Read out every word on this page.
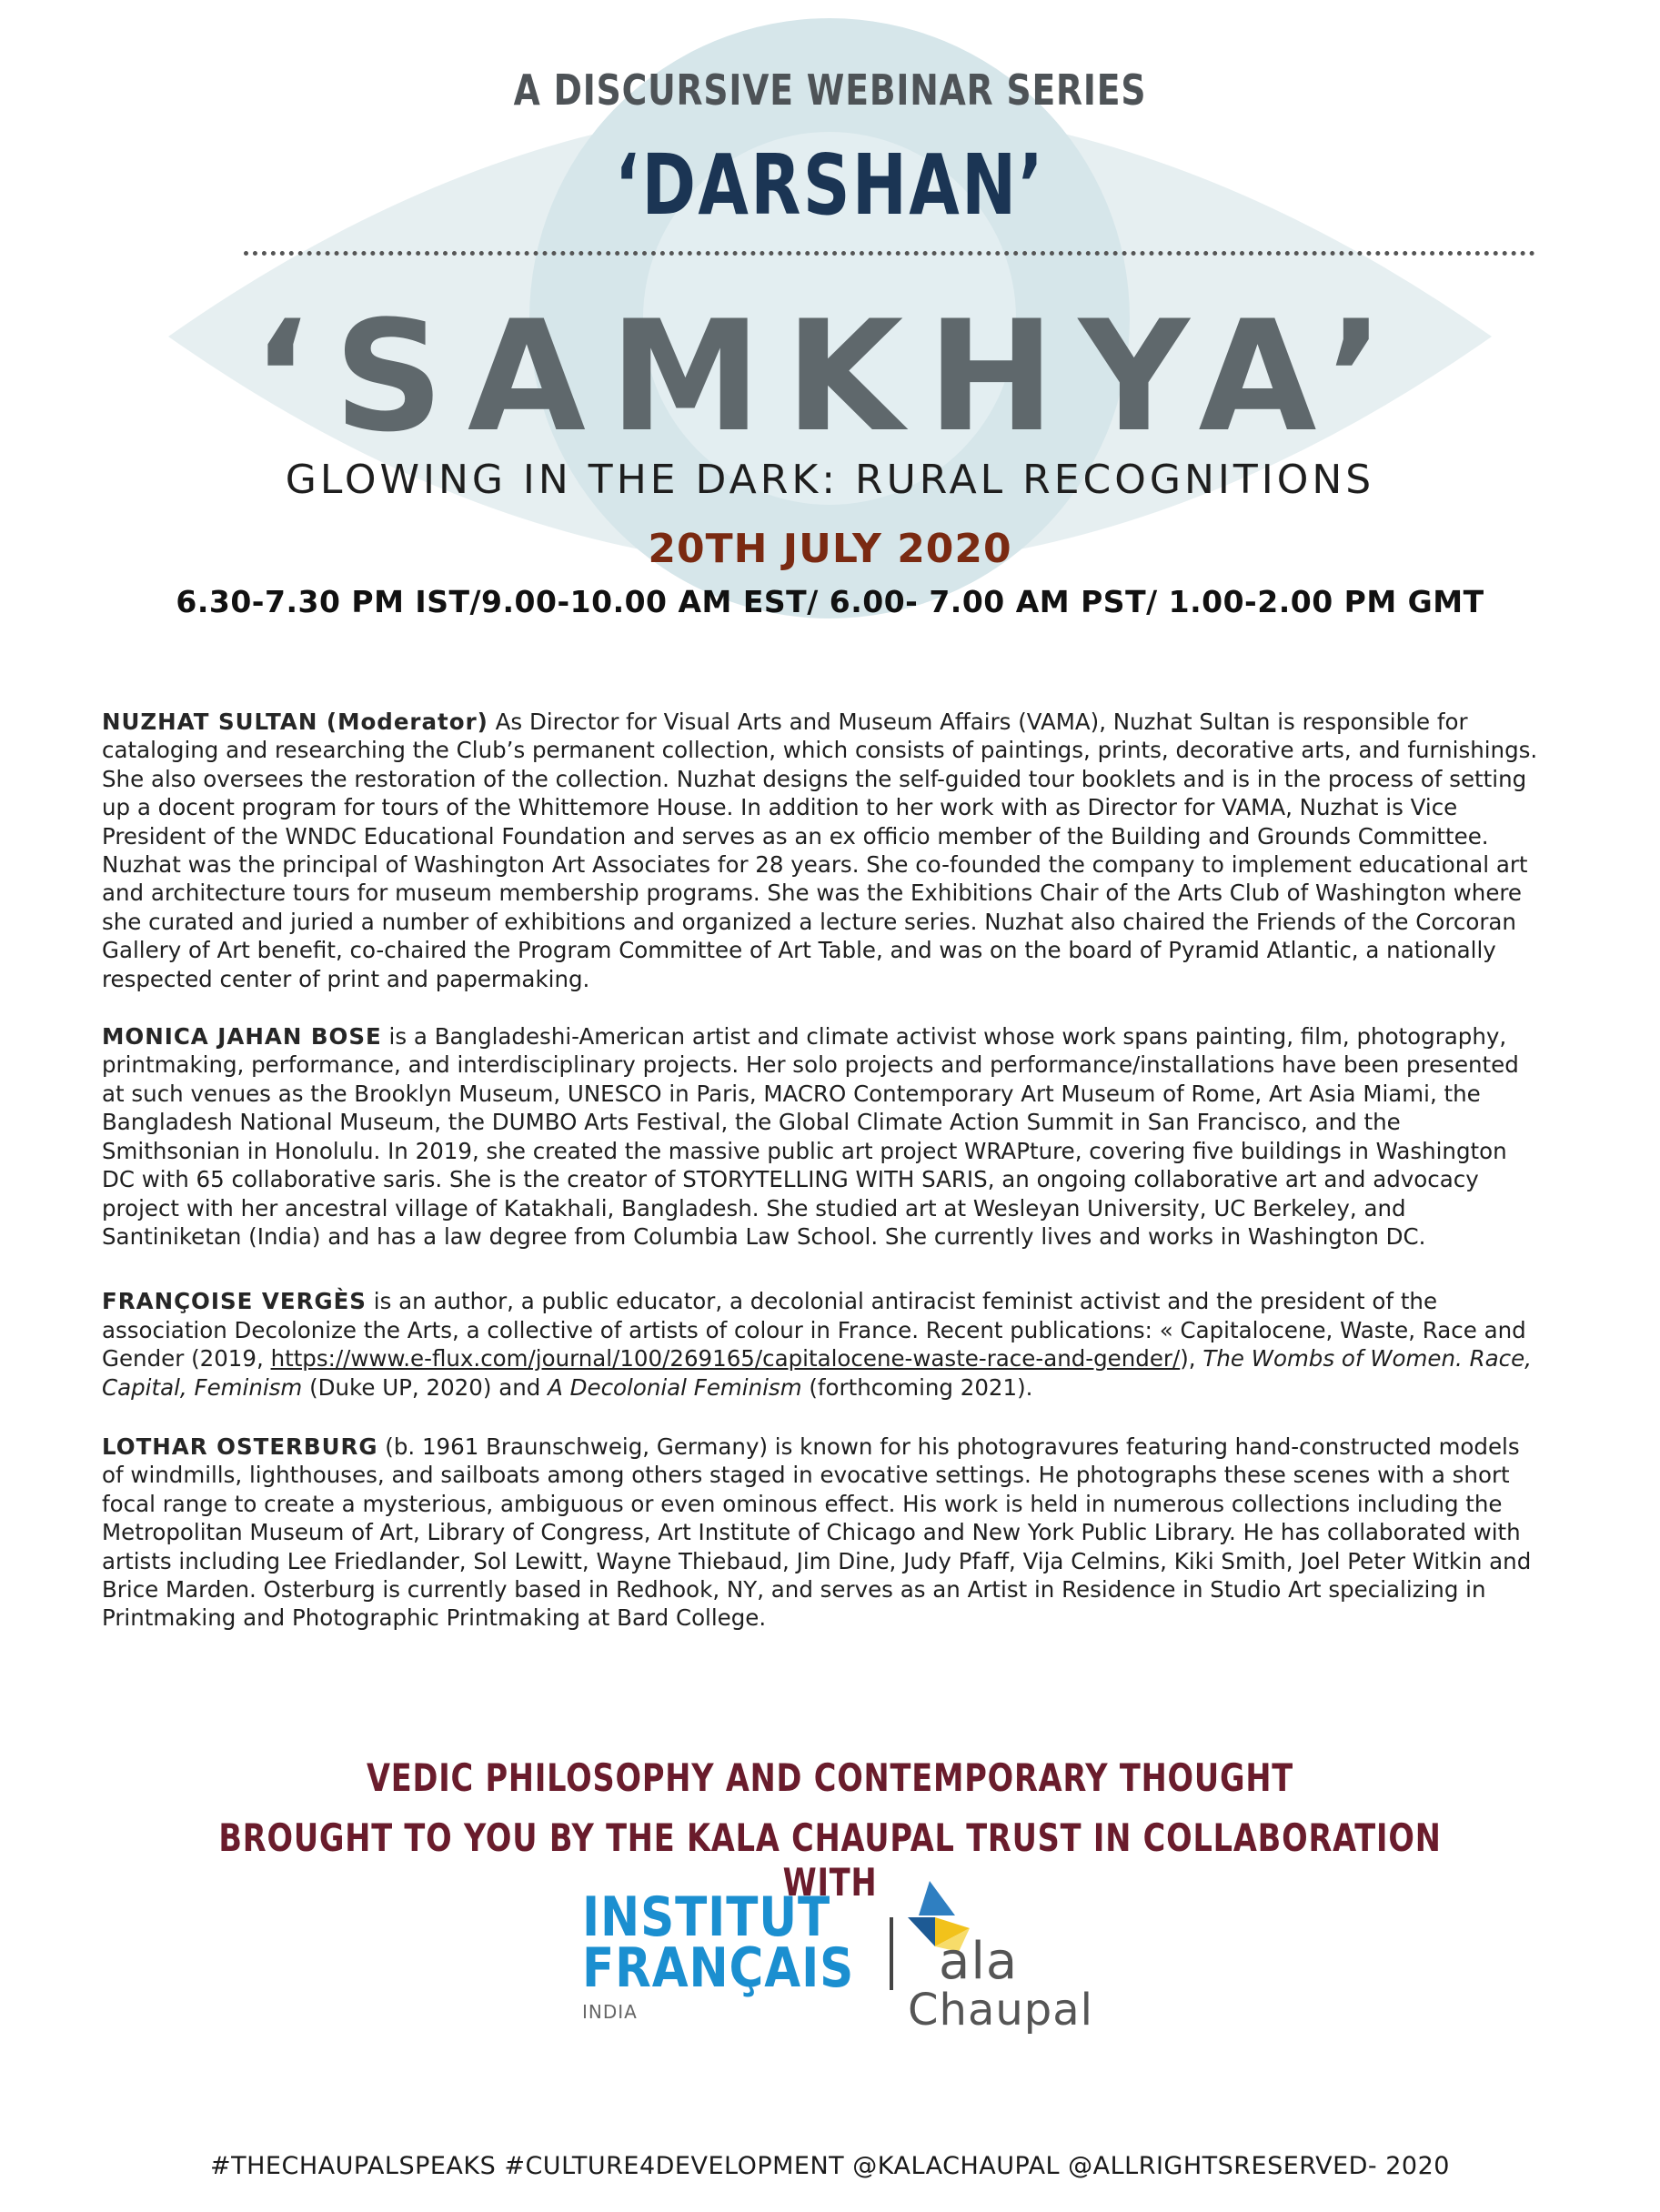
A DISCURSIVE WEBINAR SERIES
‘DARSHAN’
‘SAMKHYA’
GLOWING IN THE DARK: RURAL RECOGNITIONS
20TH JULY 2020
6.30-7.30 PM IST/9.00-10.00 AM EST/ 6.00- 7.00 AM PST/ 1.00-2.00 PM GMT

NUZHAT SULTAN (Moderator) As Director for Visual Arts and Museum Affairs (VAMA), Nuzhat Sultan is responsible for cataloging and researching the Club’s permanent collection, which consists of paintings, prints, decorative arts, and furnishings. She also oversees the restoration of the collection. Nuzhat designs the self-guided tour booklets and is in the process of setting up a docent program for tours of the Whittemore House. In addition to her work with as Director for VAMA, Nuzhat is Vice President of the WNDC Educational Foundation and serves as an ex officio member of the Building and Grounds Committee. Nuzhat was the principal of Washington Art Associates for 28 years. She co-founded the company to implement educational art and architecture tours for museum membership programs. She was the Exhibitions Chair of the Arts Club of Washington where she curated and juried a number of exhibitions and organized a lecture series. Nuzhat also chaired the Friends of the Corcoran Gallery of Art benefit, co-chaired the Program Committee of Art Table, and was on the board of Pyramid Atlantic, a nationally respected center of print and papermaking.

MONICA JAHAN BOSE is a Bangladeshi-American artist and climate activist whose work spans painting, film, photography, printmaking, performance, and interdisciplinary projects. Her solo projects and performance/installations have been presented at such venues as the Brooklyn Museum, UNESCO in Paris, MACRO Contemporary Art Museum of Rome, Art Asia Miami, the Bangladesh National Museum, the DUMBO Arts Festival, the Global Climate Action Summit in San Francisco, and the Smithsonian in Honolulu. In 2019, she created the massive public art project WRAPture, covering five buildings in Washington DC with 65 collaborative saris. She is the creator of STORYTELLING WITH SARIS, an ongoing collaborative art and advocacy project with her ancestral village of Katakhali, Bangladesh. She studied art at Wesleyan University, UC Berkeley, and Santiniketan (India) and has a law degree from Columbia Law School. She currently lives and works in Washington DC.

FRANÇOISE VERGÈS is an author, a public educator, a decolonial antiracist feminist activist and the president of the association Decolonize the Arts, a collective of artists of colour in France. Recent publications: « Capitalocene, Waste, Race and Gender (2019, https://www.e-flux.com/journal/100/269165/capitalocene-waste-race-and-gender/), The Wombs of Women. Race, Capital, Feminism (Duke UP, 2020) and A Decolonial Feminism (forthcoming 2021).

LOTHAR OSTERBURG (b. 1961 Braunschweig, Germany) is known for his photogravures featuring hand-constructed models of windmills, lighthouses, and sailboats among others staged in evocative settings. He photographs these scenes with a short focal range to create a mysterious, ambiguous or even ominous effect. His work is held in numerous collections including the Metropolitan Museum of Art, Library of Congress, Art Institute of Chicago and New York Public Library. He has collaborated with artists including Lee Friedlander, Sol Lewitt, Wayne Thiebaud, Jim Dine, Judy Pfaff, Vija Celmins, Kiki Smith, Joel Peter Witkin and Brice Marden. Osterburg is currently based in Redhook, NY, and serves as an Artist in Residence in Studio Art specializing in Printmaking and Photographic Printmaking at Bard College.

VEDIC PHILOSOPHY AND CONTEMPORARY THOUGHT
BROUGHT TO YOU BY THE KALA CHAUPAL TRUST IN COLLABORATION WITH
INSTITUT
FRANÇAIS
INDIA
ala
Chaupal
#THECHAUPALSPEAKS #CULTURE4DEVELOPMENT @KALACHAUPAL @ALLRIGHTSRESERVED- 2020
